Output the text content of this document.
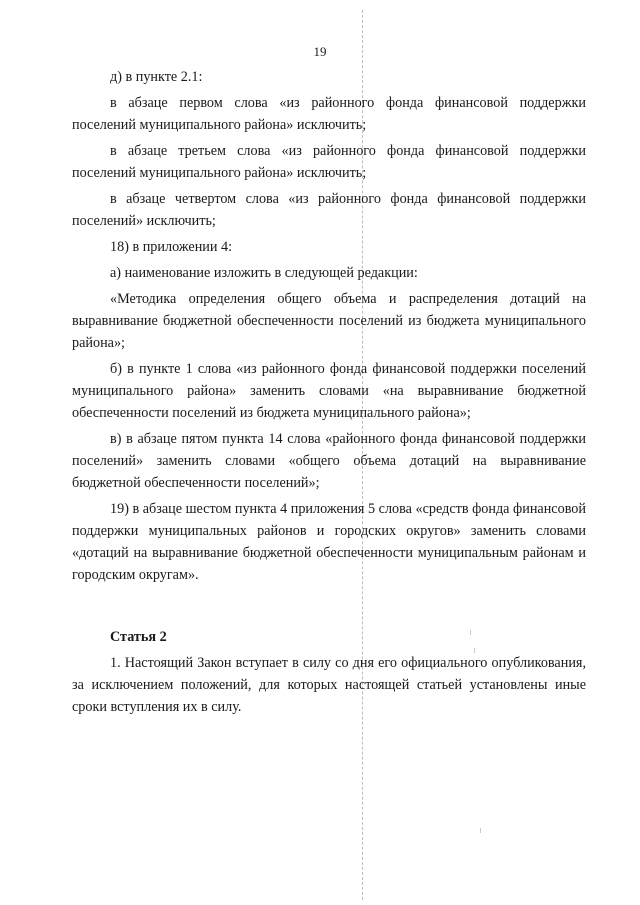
19

д) в пункте 2.1:

в абзаце первом слова «из районного фонда финансовой поддержки поселений муниципального района» исключить;

в абзаце третьем слова «из районного фонда финансовой поддержки поселений муниципального района» исключить;

в абзаце четвертом слова «из районного фонда финансовой поддержки поселений» исключить;

18) в приложении 4:

а) наименование изложить в следующей редакции:

«Методика определения общего объема и распределения дотаций на выравнивание бюджетной обеспеченности поселений из бюджета муниципального района»;

б) в пункте 1 слова «из районного фонда финансовой поддержки поселений муниципального района» заменить словами «на выравнивание бюджетной обеспеченности поселений из бюджета муниципального района»;

в) в абзаце пятом пункта 14 слова «районного фонда финансовой поддержки поселений» заменить словами «общего объема дотаций на выравнивание бюджетной обеспеченности поселений»;

19) в абзаце шестом пункта 4 приложения 5 слова «средств фонда финансовой поддержки муниципальных районов и городских округов» заменить словами «дотаций на выравнивание бюджетной обеспеченности муниципальным районам и городским округам».

Статья 2

1. Настоящий Закон вступает в силу со дня его официального опубликования, за исключением положений, для которых настоящей статьей установлены иные сроки вступления их в силу.
